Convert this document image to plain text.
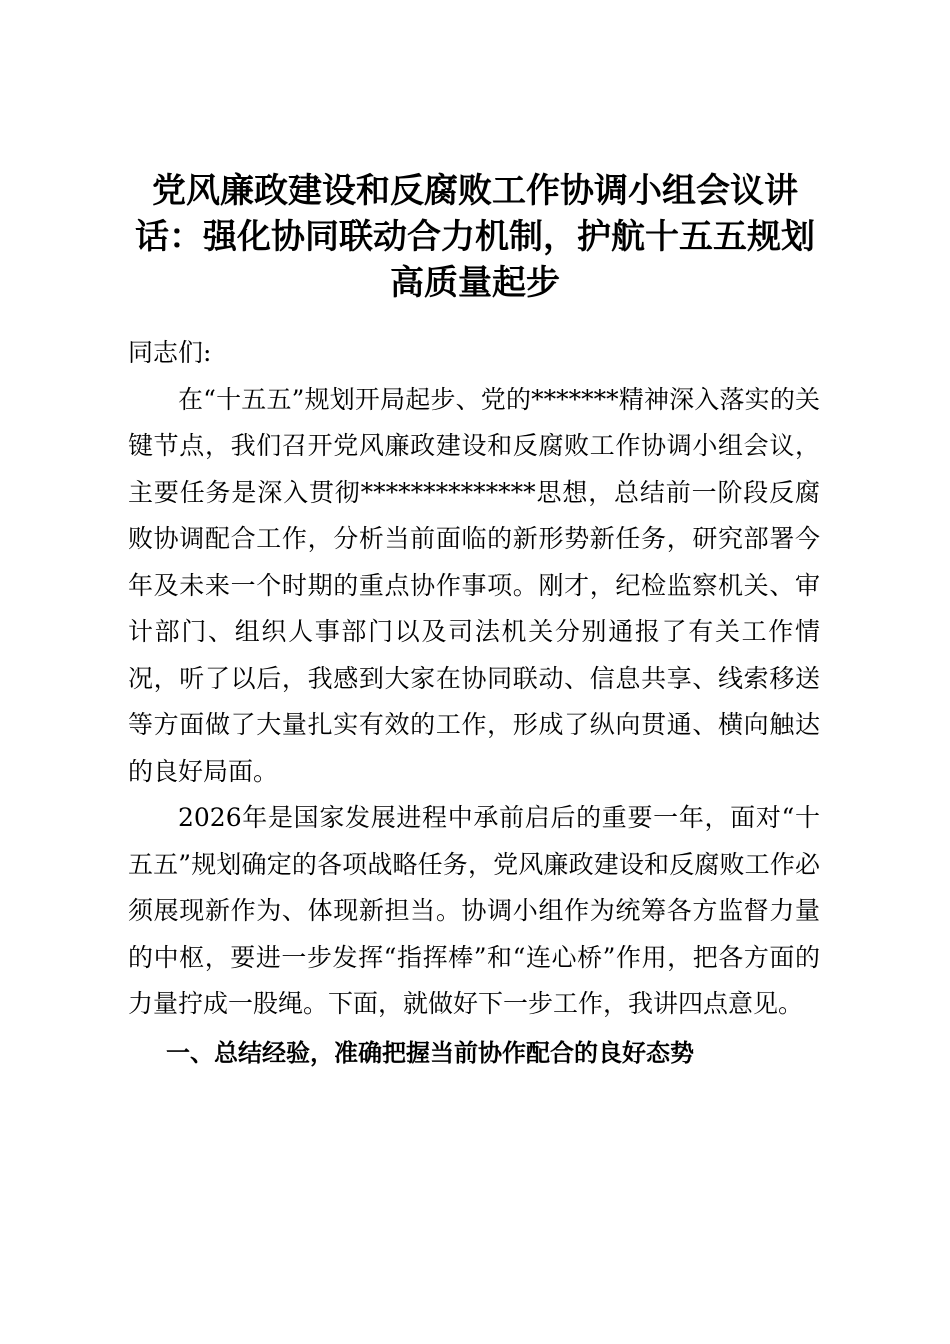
党风廉政建设和反腐败工作协调小组会议讲
话：强化协同联动合力机制，护航十五五规划
高质量起步

同志们:

在“十五五”规划开局起步、党的*******精神深入落实的关键节点，我们召开党风廉政建设和反腐败工作协调小组会议，主要任务是深入贯彻**************思想，总结前一阶段反腐败协调配合工作，分析当前面临的新形势新任务，研究部署今年及未来一个时期的重点协作事项。刚才，纪检监察机关、审计部门、组织人事部门以及司法机关分别通报了有关工作情况，听了以后，我感到大家在协同联动、信息共享、线索移送等方面做了大量扎实有效的工作，形成了纵向贯通、横向触达的良好局面。

2026年是国家发展进程中承前启后的重要一年，面对“十五五”规划确定的各项战略任务，党风廉政建设和反腐败工作必须展现新作为、体现新担当。协调小组作为统筹各方监督力量的中枢，要进一步发挥“指挥棒”和“连心桥”作用，把各方面的力量拧成一股绳。下面，就做好下一步工作，我讲四点意见。

一、总结经验，准确把握当前协作配合的良好态势
